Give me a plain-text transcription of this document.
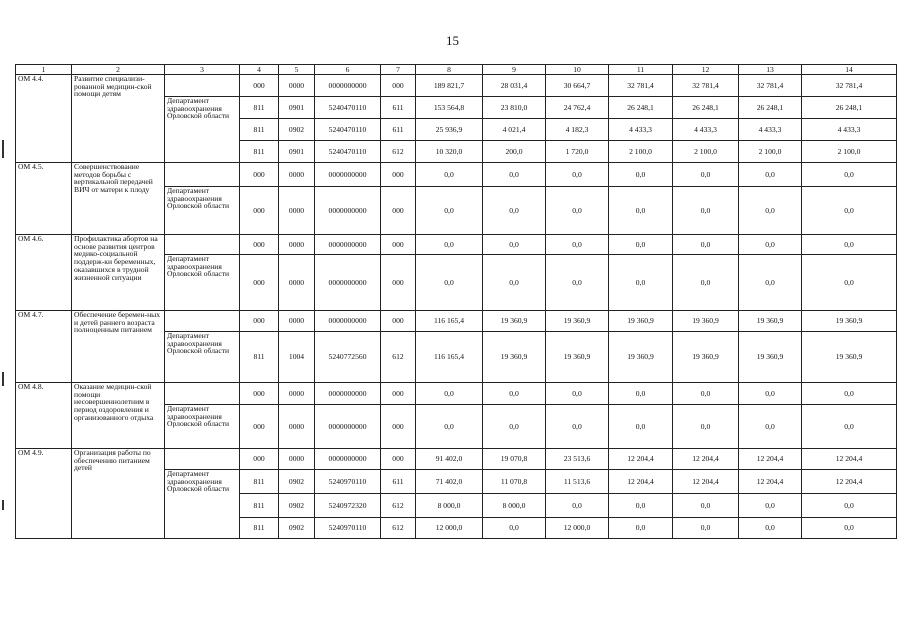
15
1	2	3	4	5	6	7	8	9	10	11	12	13	14
ОМ 4.4.	Развитие специализи-рованной медицин-ской помощи детям		000	0000	0000000000	000	189 821,7	28 031,4	30 664,7	32 781,4	32 781,4	32 781,4	32 781,4
		Департамент здравоохранения Орловской области	811	0901	5240470110	611	153 564,8	23 810,0	24 762,4	26 248,1	26 248,1	26 248,1	26 248,1
			811	0902	5240470110	611	25 936,9	4 021,4	4 182,3	4 433,3	4 433,3	4 433,3	4 433,3
			811	0901	5240470110	612	10 320,0	200,0	1 720,0	2 100,0	2 100,0	2 100,0	2 100,0
ОМ 4.5.	Совершенствование методов борьбы с вертикальной передачей ВИЧ от матери к плоду		000	0000	0000000000	000	0,0	0,0	0,0	0,0	0,0	0,0	0,0
		Департамент здравоохранения Орловской области	000	0000	0000000000	000	0,0	0,0	0,0	0,0	0,0	0,0	0,0
ОМ 4.6.	Профилактика абортов на основе развития центров медико-социальной поддерж-ки беременных, оказавшихся в трудной жизненной ситуации		000	0000	0000000000	000	0,0	0,0	0,0	0,0	0,0	0,0	0,0
		Департамент здравоохранения Орловской области	000	0000	0000000000	000	0,0	0,0	0,0	0,0	0,0	0,0	0,0
ОМ 4.7.	Обеспечение беремен-ных и детей раннего возраста полноценным питанием		000	0000	0000000000	000	116 165,4	19 360,9	19 360,9	19 360,9	19 360,9	19 360,9	19 360,9
		Департамент здравоохранения Орловской области	811	1004	5240772560	612	116 165,4	19 360,9	19 360,9	19 360,9	19 360,9	19 360,9	19 360,9
ОМ 4.8.	Оказание медицин-ской помощи несовершеннолетним в период оздоровления и организованного отдыха		000	0000	0000000000	000	0,0	0,0	0,0	0,0	0,0	0,0	0,0
		Департамент здравоохранения Орловской области	000	0000	0000000000	000	0,0	0,0	0,0	0,0	0,0	0,0	0,0
ОМ 4.9.	Организация работы по обеспечению питанием детей		000	0000	0000000000	000	91 402,0	19 070,8	23 513,6	12 204,4	12 204,4	12 204,4	12 204,4
		Департамент здравоохранения Орловской области	811	0902	5240970110	611	71 402,0	11 070,8	11 513,6	12 204,4	12 204,4	12 204,4	12 204,4
			811	0902	5240972320	612	8 000,0	8 000,0	0,0	0,0	0,0	0,0	0,0
			811	0902	5240970110	612	12 000,0	0,0	12 000,0	0,0	0,0	0,0	0,0
